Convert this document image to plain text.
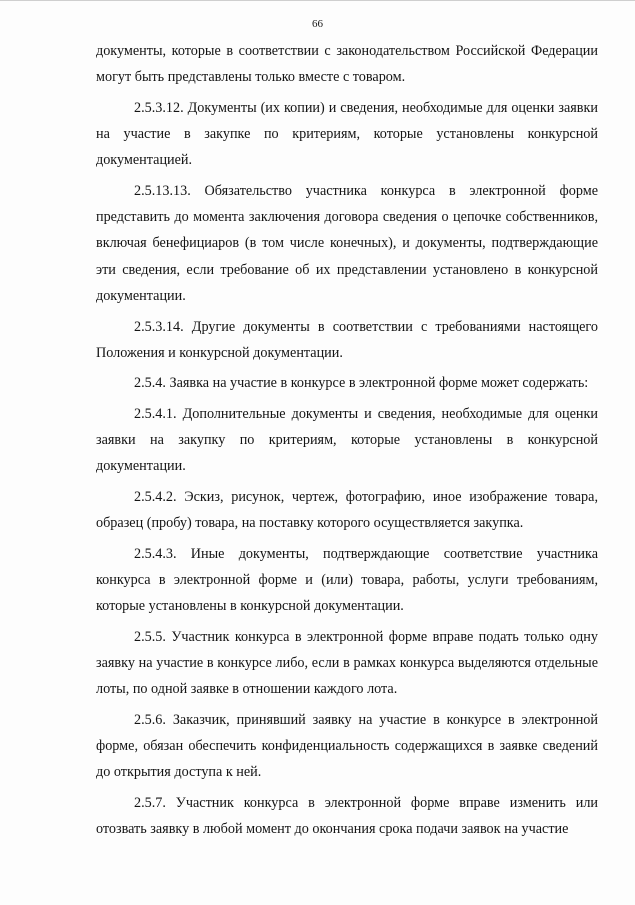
66

документы, которые в соответствии с законодательством Российской Федерации могут быть представлены только вместе с товаром.

2.5.3.12. Документы (их копии) и сведения, необходимые для оценки заявки на участие в закупке по критериям, которые установлены конкурсной документацией.

2.5.13.13. Обязательство участника конкурса в электронной форме представить до момента заключения договора сведения о цепочке собственников, включая бенефициаров (в том числе конечных), и документы, подтверждающие эти сведения, если требование об их представлении установлено в конкурсной документации.

2.5.3.14. Другие документы в соответствии с требованиями настоящего Положения и конкурсной документации.

2.5.4. Заявка на участие в конкурсе в электронной форме может содержать:

2.5.4.1. Дополнительные документы и сведения, необходимые для оценки заявки на закупку по критериям, которые установлены в конкурсной документации.

2.5.4.2. Эскиз, рисунок, чертеж, фотографию, иное изображение товара, образец (пробу) товара, на поставку которого осуществляется закупка.

2.5.4.3. Иные документы, подтверждающие соответствие участника конкурса в электронной форме и (или) товара, работы, услуги требованиям, которые установлены в конкурсной документации.

2.5.5. Участник конкурса в электронной форме вправе подать только одну заявку на участие в конкурсе либо, если в рамках конкурса выделяются отдельные лоты, по одной заявке в отношении каждого лота.

2.5.6. Заказчик, принявший заявку на участие в конкурсе в электронной форме, обязан обеспечить конфиденциальность содержащихся в заявке сведений до открытия доступа к ней.

2.5.7. Участник конкурса в электронной форме вправе изменить или отозвать заявку в любой момент до окончания срока подачи заявок на участие
